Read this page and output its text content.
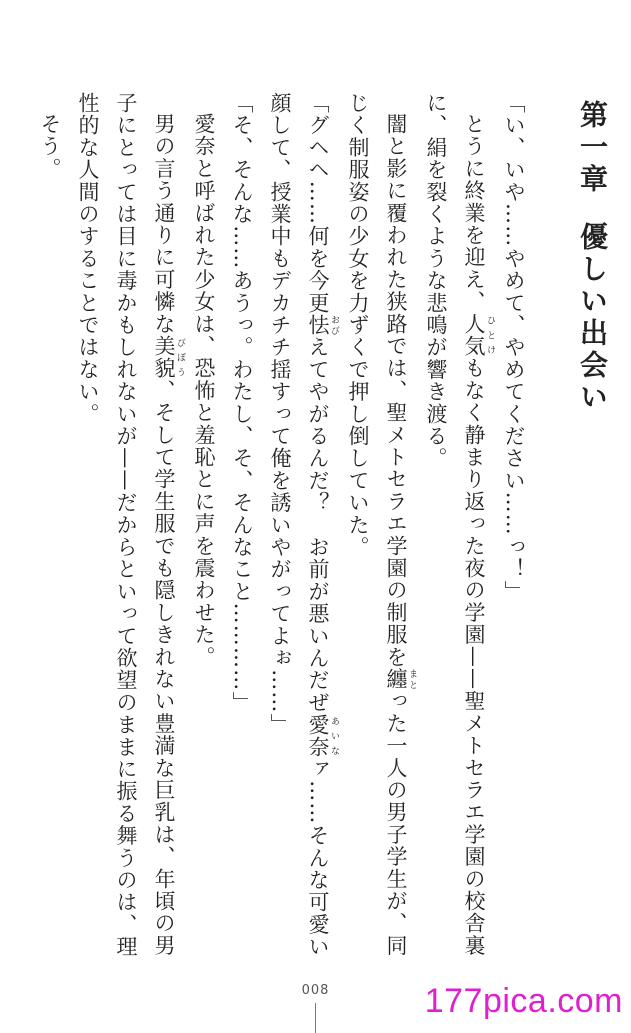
第一章優しい出会い

「い、いや……やめて、やめてください……っ！」

とうに終業を迎え、人気 ひとけもなく静まり返った夜の学園——聖メトセラエ学園の校舎裏に、絹を裂くような悲鳴が響き渡る。

闇と影に覆われた狭路では、聖メトセラエ学園の制服を纏 まとった一人の男子学生が、同じく制服姿の少女を力ずくで押し倒していた。

「グヘヘ……何を今更怯 おびえてやがるんだ？　お前が悪いんだぜ愛奈 あいなァ……そんな可愛い顔して、授業中もデカチチ揺すって俺を誘いやがってよぉ……」

「そ、そんな……あうっ。わたし、そ、そんなこと…………」

愛奈と呼ばれた少女は、恐怖と羞恥とに声を震わせた。

男の言う通りに可憐な美貌 びぼう、そして学生服でも隠しきれない豊満な巨乳は、年頃の男子にとっては目に毒かもしれないが——だからといって欲望のままに振る舞うのは、理性的な人間のすることではない。

そう。

008	177pica.com
